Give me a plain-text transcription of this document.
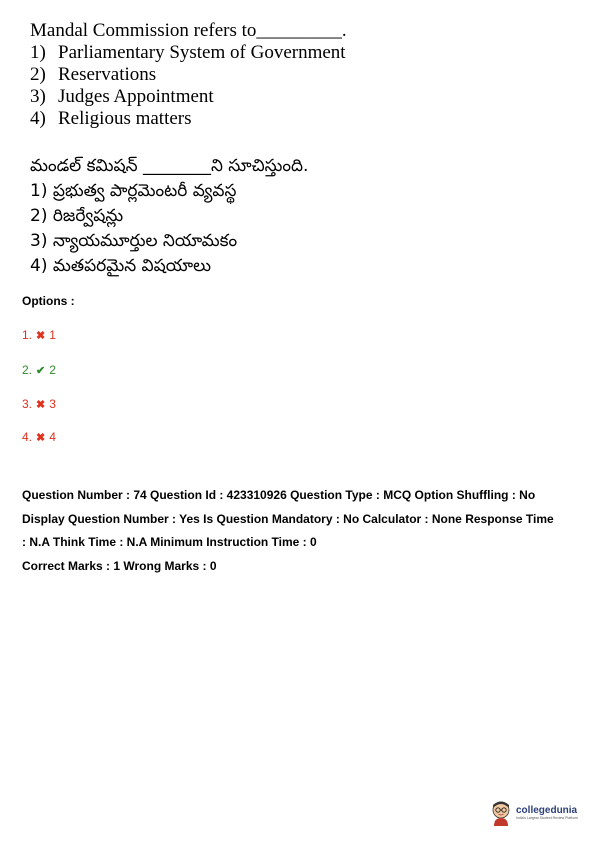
Mandal Commission refers to_________.
1) Parliamentary System of Government
2) Reservations
3) Judges Appointment
4) Religious matters
మండల్ కమిషన్ ________ని సూచిస్తుంది.
1) ప్రభుత్వ పార్లమెంటరీ వ్యవస్థ
2) రిజర్వేషన్లు
3) న్యాయమూర్తుల నియామకం
4) మతపరమైన విషయాలు
Options :
1. ✖ 1
2. ✔ 2
3. ✖ 3
4. ✖ 4
Question Number : 74 Question Id : 423310926 Question Type : MCQ Option Shuffling : No
Display Question Number : Yes Is Question Mandatory : No Calculator : None Response Time
: N.A Think Time : N.A Minimum Instruction Time : 0
Correct Marks : 1 Wrong Marks : 0
collegedunia
India's Largest Student Review Platform
